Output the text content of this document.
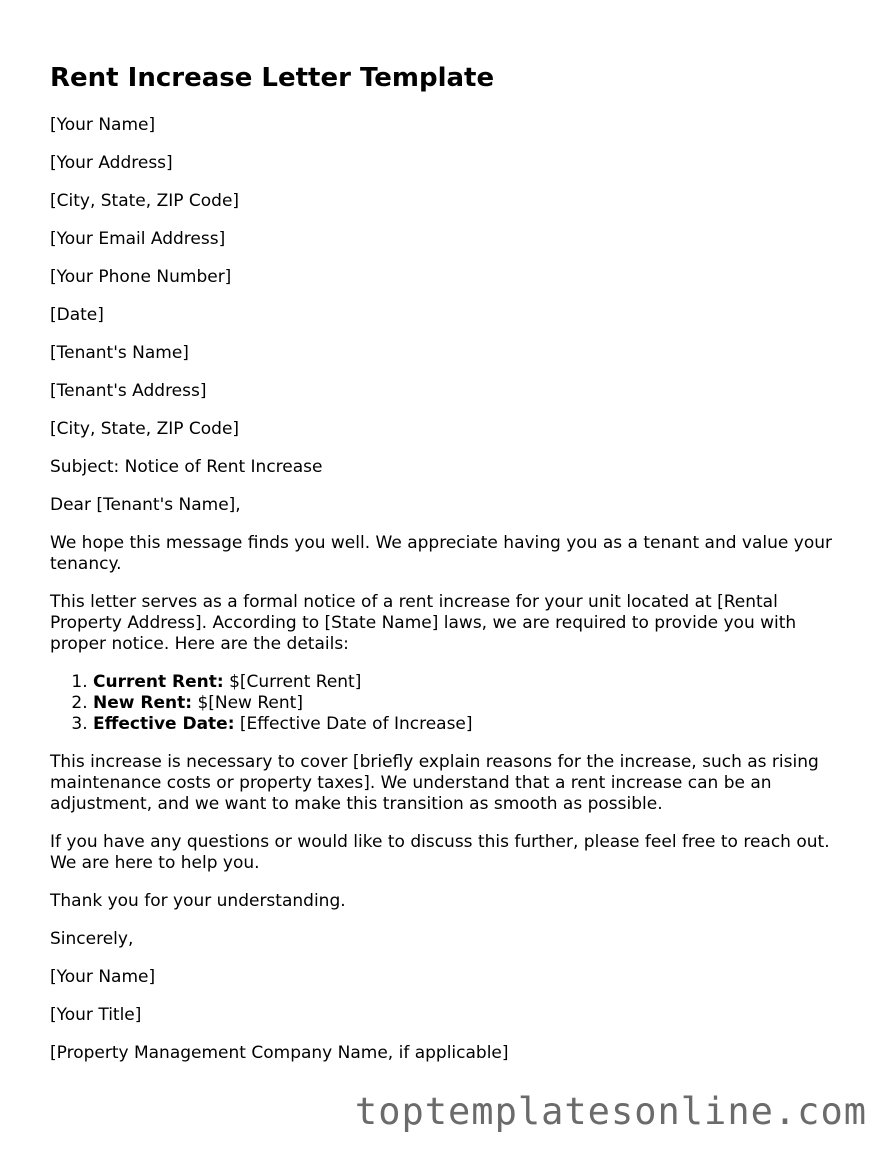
Rent Increase Letter Template

[Your Name]

[Your Address]

[City, State, ZIP Code]

[Your Email Address]

[Your Phone Number]

[Date]

[Tenant's Name]

[Tenant's Address]

[City, State, ZIP Code]

Subject: Notice of Rent Increase

Dear [Tenant's Name],

We hope this message finds you well. We appreciate having you as a tenant and value your tenancy.

This letter serves as a formal notice of a rent increase for your unit located at [Rental Property Address]. According to [State Name] laws, we are required to provide you with proper notice. Here are the details:

1. Current Rent: $[Current Rent]
2. New Rent: $[New Rent]
3. Effective Date: [Effective Date of Increase]

This increase is necessary to cover [briefly explain reasons for the increase, such as rising maintenance costs or property taxes]. We understand that a rent increase can be an adjustment, and we want to make this transition as smooth as possible.

If you have any questions or would like to discuss this further, please feel free to reach out. We are here to help you.

Thank you for your understanding.

Sincerely,

[Your Name]

[Your Title]

[Property Management Company Name, if applicable]

toptemplatesonline.com
